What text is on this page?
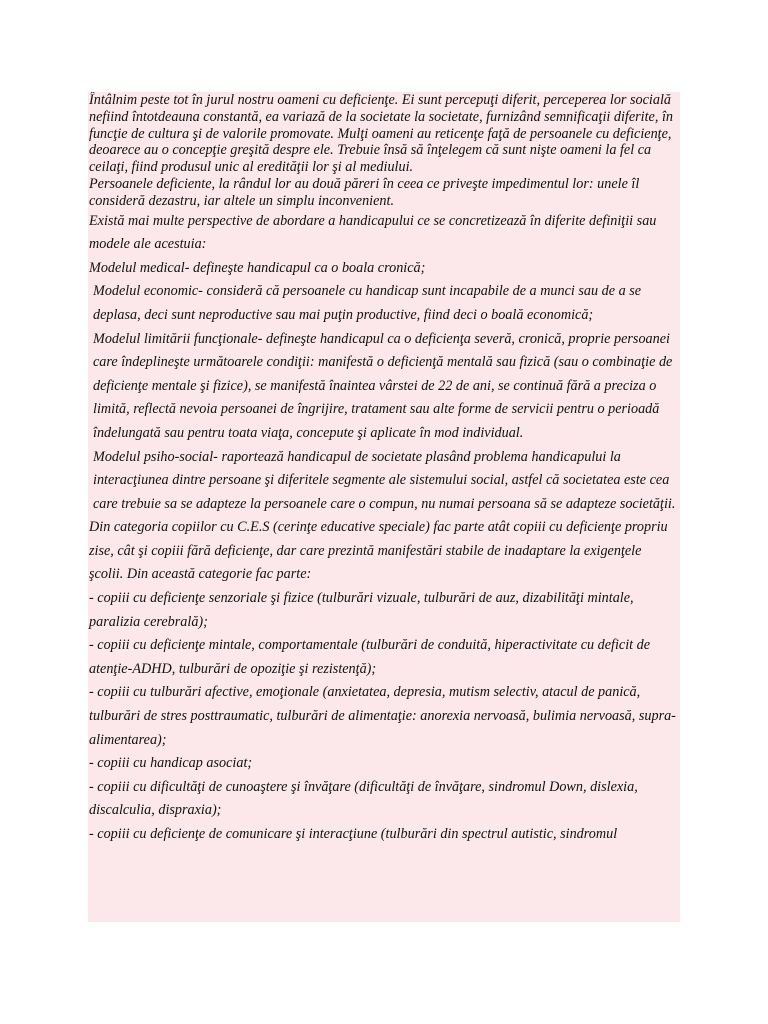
Întâlnim peste tot în jurul nostru oameni cu deficienţe. Ei sunt percepuţi diferit, perceperea lor socială nefiind întotdeauna constantă, ea variază de la societate la societate, furnizând semnificaţii diferite, în funcţie de cultura şi de valorile promovate. Mulţi oameni au reticenţe faţă de persoanele cu deficienţe, deoarece au o concepţie greşită despre ele. Trebuie însă să înţelegem că sunt nişte oameni la fel ca ceilaţi, fiind produsul unic al eredităţii lor şi al mediului.

Persoanele deficiente, la rândul lor au două păreri în ceea ce priveşte impedimentul lor: unele îl consideră dezastru, iar altele un simplu inconvenient.

Există mai multe perspective de abordare a handicapului ce se concretizează în diferite definiţii sau modele ale acestuia:

Modelul medical- defineşte handicapul ca o boala cronică;

Modelul economic- consideră că persoanele cu handicap sunt incapabile de a munci sau de a se deplasa, deci sunt neproductive sau mai puţin productive, fiind deci o boală economică;

Modelul limitării funcţionale- defineşte handicapul ca o deficienţa severă, cronică, proprie persoanei care îndeplineşte următoarele condiţii: manifestă o deficienţă mentală sau fizică (sau o combinaţie de deficienţe mentale şi fizice), se manifestă înaintea vârstei de 22 de ani, se continuă fără a preciza o limită, reflectă nevoia persoanei de îngrijire, tratament sau alte forme de servicii pentru o perioadă îndelungată sau pentru toata viaţa, concepute şi aplicate în mod individual.

Modelul psiho-social- raportează handicapul de societate plasând problema handicapului la interacţiunea dintre persoane şi diferitele segmente ale sistemului social, astfel că societatea este cea care trebuie sa se adapteze la persoanele care o compun, nu numai persoana să se adapteze societăţii.

Din categoria copiilor cu C.E.S (cerinţe educative speciale) fac parte atât copiii cu deficienţe propriu zise, cât şi copiii fără deficienţe, dar care prezintă manifestări stabile de inadaptare la exigenţele şcolii. Din această categorie fac parte:

- copiii cu deficienţe senzoriale şi fizice (tulburări vizuale, tulburări de auz, dizabilităţi mintale, paralizia cerebrală);

- copiii cu deficienţe mintale, comportamentale (tulburări de conduită, hiperactivitate cu deficit de atenţie-ADHD, tulburări de opoziţie şi rezistenţă);

- copiii cu tulburări afective, emoţionale (anxietatea, depresia, mutism selectiv, atacul de panică, tulburări de stres posttraumatic, tulburări de alimentaţie: anorexia nervoasă, bulimia nervoasă, supra-alimentarea);

- copiii cu handicap asociat;

- copiii cu dificultăţi de cunoaştere şi învăţare (dificultăţi de învăţare, sindromul Down, dislexia, discalculia, dispraxia);

- copiii cu deficienţe de comunicare şi interacţiune (tulburări din spectrul autistic, sindromul
